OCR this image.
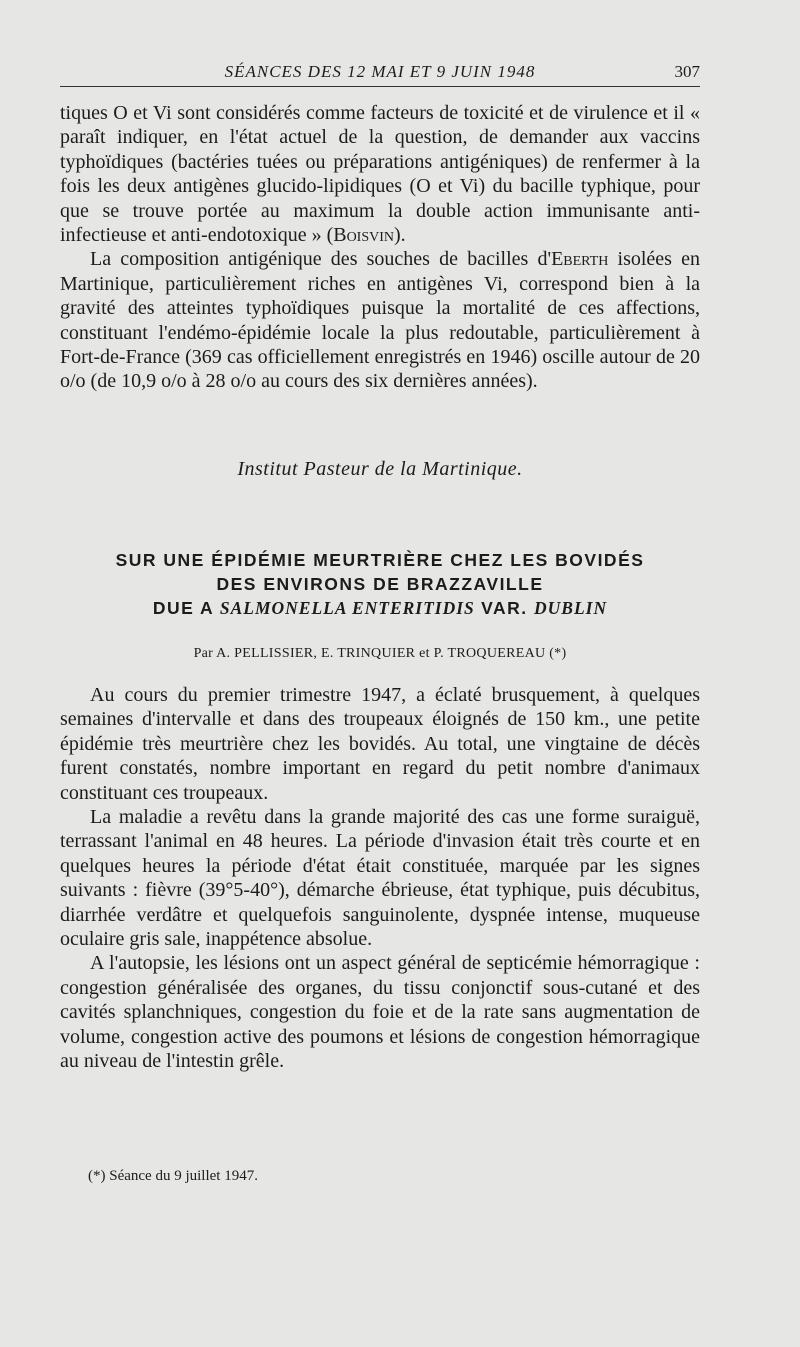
SÉANCES DES 12 MAI ET 9 JUIN 1948	307

tiques O et Vi sont considérés comme facteurs de toxicité et de virulence et il « paraît indiquer, en l'état actuel de la question, de demander aux vaccins typhoïdiques (bactéries tuées ou préparations antigéniques) de renfermer à la fois les deux antigènes glucido-lipidiques (O et Vi) du bacille typhique, pour que se trouve portée au maximum la double action immunisante anti-infectieuse et anti-endotoxique » (Boisvin).

La composition antigénique des souches de bacilles d'Eberth isolées en Martinique, particulièrement riches en antigènes Vi, correspond bien à la gravité des atteintes typhoïdiques puisque la mortalité de ces affections, constituant l'endémo-épidémie locale la plus redoutable, particulièrement à Fort-de-France (369 cas officiellement enregistrés en 1946) oscille autour de 20 o/o (de 10,9 o/o à 28 o/o au cours des six dernières années).

Institut Pasteur de la Martinique.
SUR UNE ÉPIDÉMIE MEURTRIÈRE CHEZ LES BOVIDÉS
DES ENVIRONS DE BRAZZAVILLE
DUE A SALMONELLA ENTERITIDIS VAR. DUBLIN
Par A. PELLISSIER, E. TRINQUIER et P. TROQUEREAU (*)

Au cours du premier trimestre 1947, a éclaté brusquement, à quelques semaines d'intervalle et dans des troupeaux éloignés de 150 km., une petite épidémie très meurtrière chez les bovidés. Au total, une vingtaine de décès furent constatés, nombre important en regard du petit nombre d'animaux constituant ces troupeaux.

La maladie a revêtu dans la grande majorité des cas une forme suraiguë, terrassant l'animal en 48 heures. La période d'invasion était très courte et en quelques heures la période d'état était constituée, marquée par les signes suivants : fièvre (39°5-40°), démarche ébrieuse, état typhique, puis décubitus, diarrhée verdâtre et quelquefois sanguinolente, dyspnée intense, muqueuse oculaire gris sale, inappétence absolue.

A l'autopsie, les lésions ont un aspect général de septicémie hémorragique : congestion généralisée des organes, du tissu conjonctif sous-cutané et des cavités splanchniques, congestion du foie et de la rate sans augmentation de volume, congestion active des poumons et lésions de congestion hémorragique au niveau de l'intestin grêle.

(*) Séance du 9 juillet 1947.
